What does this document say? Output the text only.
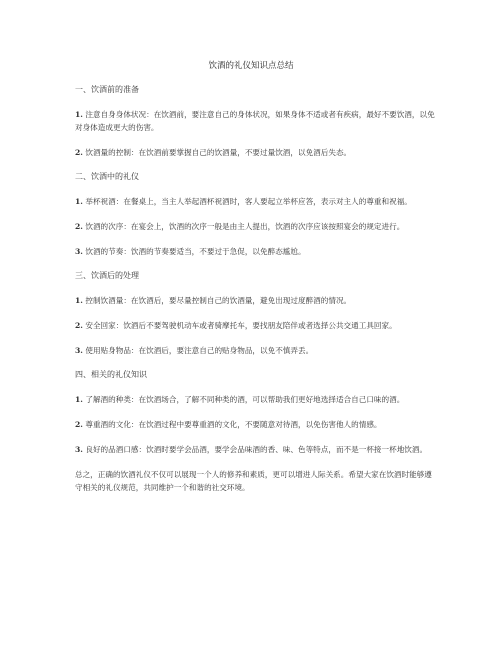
饮酒的礼仪知识点总结
一、饮酒前的准备
1. 注意自身身体状况：在饮酒前，要注意自己的身体状况，如果身体不适或者有疾病，最好不要饮酒，以免对身体造成更大的伤害。
2. 饮酒量的控制：在饮酒前要掌握自己的饮酒量，不要过量饮酒，以免酒后失态。
二、饮酒中的礼仪
1. 举杯祝酒：在餐桌上，当主人举起酒杯祝酒时，客人要起立举杯应答，表示对主人的尊重和祝福。
2. 饮酒的次序：在宴会上，饮酒的次序一般是由主人提出，饮酒的次序应该按照宴会的规定进行。
3. 饮酒的节奏：饮酒的节奏要适当，不要过于急促，以免醉态尴尬。
三、饮酒后的处理
1. 控制饮酒量：在饮酒后，要尽量控制自己的饮酒量，避免出现过度醉酒的情况。
2. 安全回家：饮酒后不要驾驶机动车或者骑摩托车，要找朋友陪伴或者选择公共交通工具回家。
3. 使用贴身物品：在饮酒后，要注意自己的贴身物品，以免不慎弄丢。
四、相关的礼仪知识
1. 了解酒的种类：在饮酒场合，了解不同种类的酒，可以帮助我们更好地选择适合自己口味的酒。
2. 尊重酒的文化：在饮酒过程中要尊重酒的文化，不要随意对待酒，以免伤害他人的情感。
3. 良好的品酒口感：饮酒时要学会品酒，要学会品味酒的香、味、色等特点，而不是一杯接一杯地饮酒。
总之，正确的饮酒礼仪不仅可以展现一个人的修养和素质，更可以增进人际关系。希望大家在饮酒时能够遵守相关的礼仪规范，共同维护一个和谐的社交环境。
